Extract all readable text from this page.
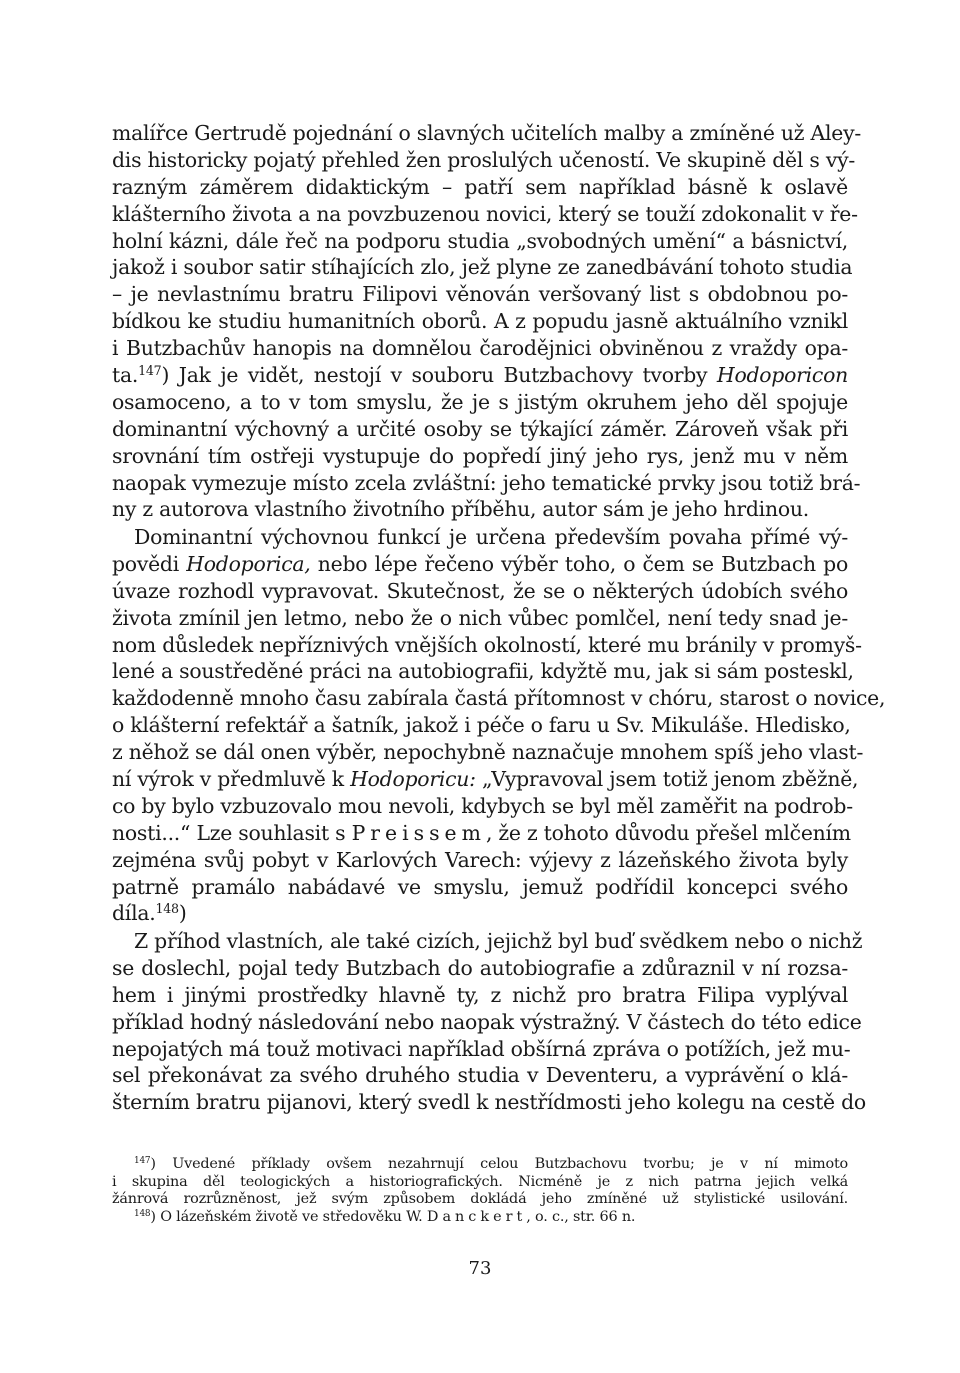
malířce Gertrudě pojednání o slavných učitelích malby a zmíněné už Aley-
dis historicky pojatý přehled žen proslulých učeností. Ve skupině děl s vý-
razným záměrem didaktickým – patří sem například básně k oslavě
klášterního života a na povzbuzenou novici, který se touží zdokonalit v ře-
holní kázni, dále řeč na podporu studia „svobodných umění“ a básnictví,
jakož i soubor satir stíhajících zlo, jež plyne ze zanedbávání tohoto studia
– je nevlastnímu bratru Filipovi věnován veršovaný list s obdobnou po-
bídkou ke studiu humanitních oborů. A z popudu jasně aktuálního vznikl
i Butzbachův hanopis na domnělou čarodějnici obviněnou z vraždy opa-
ta.$^{147}$) Jak je vidět, nestojí v souboru Butzbachovy tvorby Hodoporicon
osamoceno, a to v tom smyslu, že je s jistým okruhem jeho děl spojuje
dominantní výchovný a určité osoby se týkající záměr. Zároveň však při
srovnání tím ostřeji vystupuje do popředí jiný jeho rys, jenž mu v něm
naopak vymezuje místo zcela zvláštní: jeho tematické prvky jsou totiž brá-
ny z autorova vlastního životního příběhu, autor sám je jeho hrdinou.
Dominantní výchovnou funkcí je určena především povaha přímé vý-
povědi Hodoporica, nebo lépe řečeno výběr toho, o čem se Butzbach po
úvaze rozhodl vypravovat. Skutečnost, že se o některých údobích svého
života zmínil jen letmo, nebo že o nich vůbec pomlčel, není tedy snad je-
nom důsledek nepříznivých vnějších okolností, které mu bránily v promyš-
lené a soustředěné práci na autobiografii, kdyžtě mu, jak si sám posteskl,
každodenně mnoho času zabírala častá přítomnost v chóru, starost o novice,
o klášterní refektář a šatník, jakož i péče o faru u Sv. Mikuláše. Hledisko,
z něhož se dál onen výběr, nepochybně naznačuje mnohem spíš jeho vlast-
ní výrok v předmluvě k Hodoporicu: „Vypravoval jsem totiž jenom zběžně,
co by bylo vzbuzovalo mou nevoli, kdybych se byl měl zaměřit na podrob-
nosti...“ Lze souhlasit s Preissem, že z tohoto důvodu přešel mlčením
zejména svůj pobyt v Karlových Varech: výjevy z lázeňského života byly
patrně pramálo nabádavé ve smyslu, jemuž podřídil koncepci svého
díla.$^{148}$)
Z příhod vlastních, ale také cizích, jejichž byl buď svědkem nebo o nichž
se doslechl, pojal tedy Butzbach do autobiografie a zdůraznil v ní rozsa-
hem i jinými prostředky hlavně ty, z nichž pro bratra Filipa vyplýval
příklad hodný následování nebo naopak výstražný. V částech do této edice
nepojatých má touž motivaci například obšírná zpráva o potížích, jež mu-
sel překonávat za svého druhého studia v Deventeru, a vyprávění o klá-
šterním bratru pijanovi, který svedl k nestřídmosti jeho kolegu na cestě do
$^{147}$) Uvedené příklady ovšem nezahrnují celou Butzbachovu tvorbu; je v ní mimoto
i skupina děl teologických a historiografických. Nicméně je z nich patrna jejich velká
žánrová rozrůzněnost, jež svým způsobem dokládá jeho zmíněné už stylistické usilování.
$^{148}$) O lázeňském životě ve středověku W. Danckert, o. c., str. 66 n.
73
